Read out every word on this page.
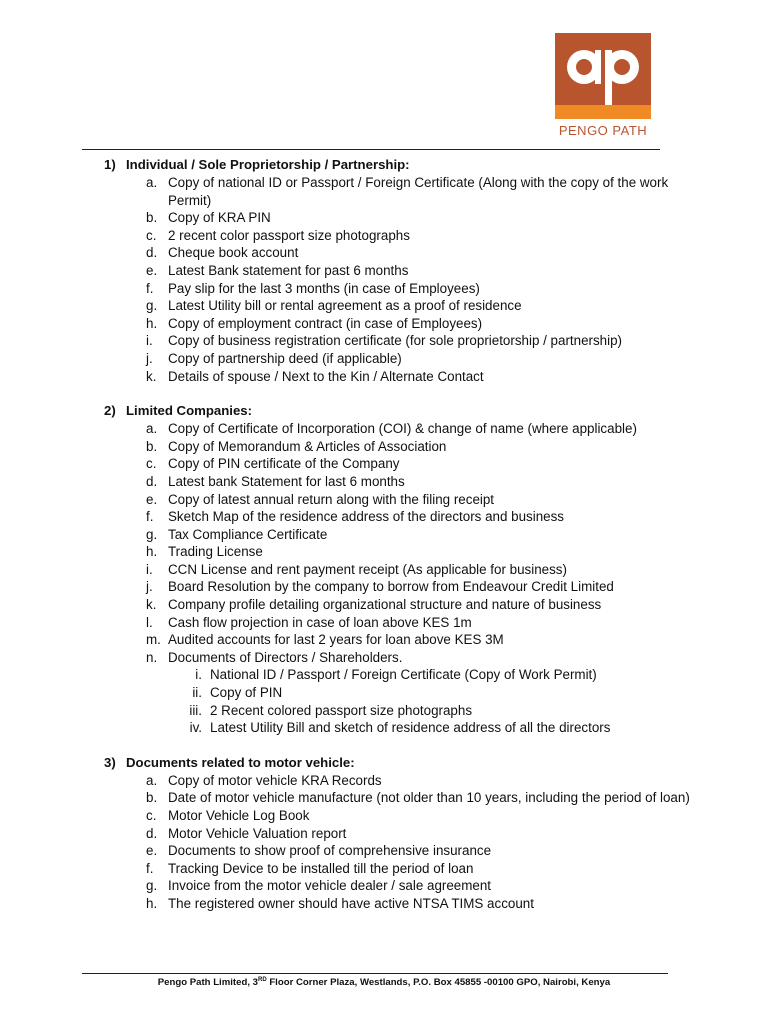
PENGO PATH
1) Individual / Sole Proprietorship / Partnership:
a. Copy of national ID or Passport / Foreign Certificate (Along with the copy of the work Permit)
b. Copy of KRA PIN
c. 2 recent color passport size photographs
d. Cheque book account
e. Latest Bank statement for past 6 months
f.	Pay slip for the last 3 months (in case of Employees)
g. Latest Utility bill or rental agreement as a proof of residence
h. Copy of employment contract (in case of Employees)
i.	Copy of business registration certificate (for sole proprietorship / partnership)
j.	Copy of partnership deed (if applicable)
k. Details of spouse / Next to the Kin / Alternate Contact
2) Limited Companies:
a. Copy of Certificate of Incorporation (COI) & change of name (where applicable)
b. Copy of Memorandum & Articles of Association
c. Copy of PIN certificate of the Company
d. Latest bank Statement for last 6 months
e. Copy of latest annual return along with the filing receipt
f.	Sketch Map of the residence address of the directors and business
g. Tax Compliance Certificate
h. Trading License
i.	CCN License and rent payment receipt (As applicable for business)
j.	Board Resolution by the company to borrow from Endeavour Credit Limited
k. Company profile detailing organizational structure and nature of business
l.	Cash flow projection in case of loan above KES 1m
m. Audited accounts for last 2 years for loan above KES 3M
n. Documents of Directors / Shareholders.
i. National ID / Passport / Foreign Certificate (Copy of Work Permit)
ii. Copy of PIN
iii. 2 Recent colored passport size photographs
iv. Latest Utility Bill and sketch of residence address of all the directors
3) Documents related to motor vehicle:
a. Copy of motor vehicle KRA Records
b. Date of motor vehicle manufacture (not older than 10 years, including the period of loan)
c. Motor Vehicle Log Book
d. Motor Vehicle Valuation report
e. Documents to show proof of comprehensive insurance
f.	Tracking Device to be installed till the period of loan
g. Invoice from the motor vehicle dealer / sale agreement
h. The registered owner should have active NTSA TIMS account
Pengo Path Limited, 3RD Floor Corner Plaza, Westlands, P.O. Box 45855 -00100 GPO, Nairobi, Kenya
